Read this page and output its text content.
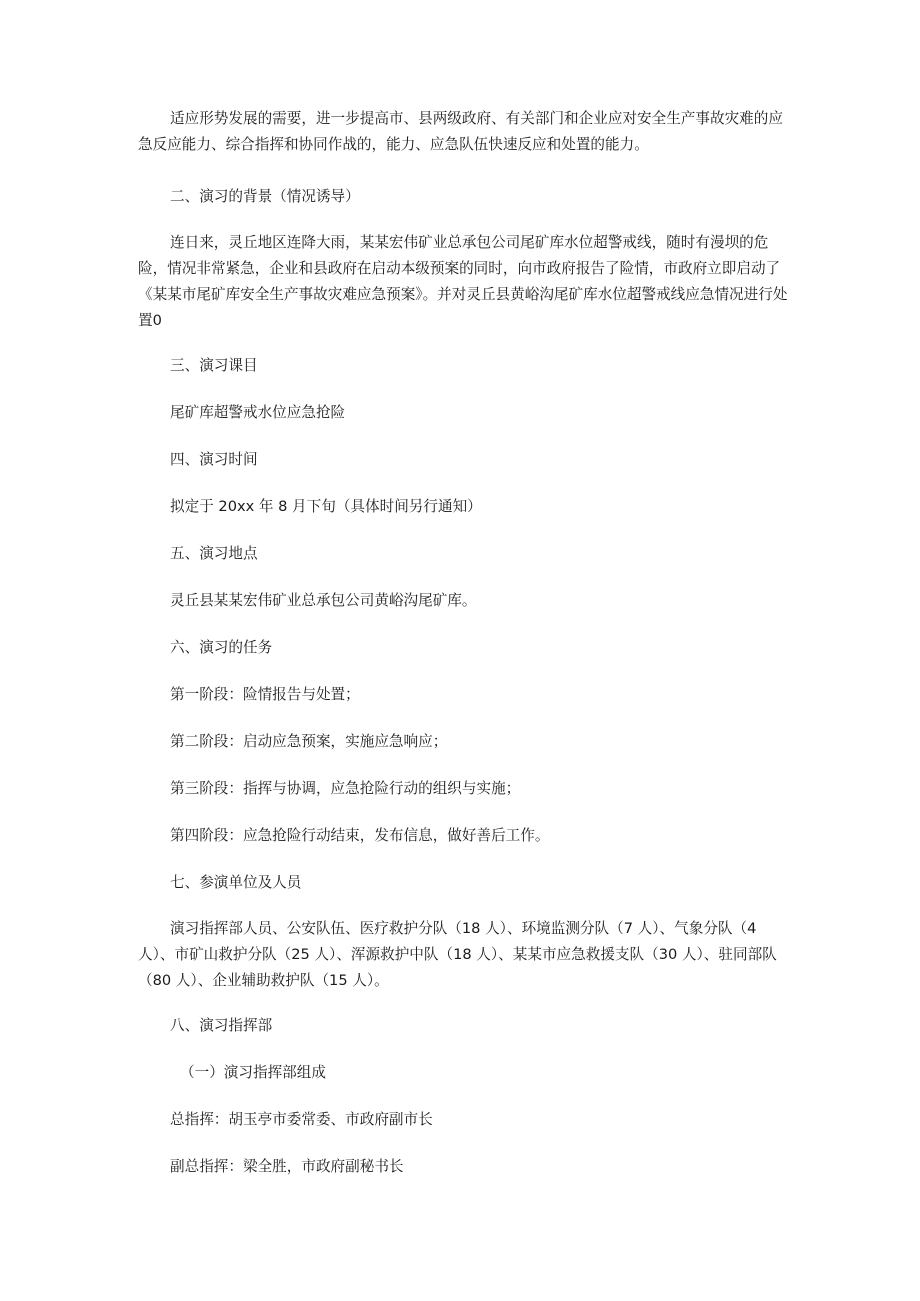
适应形势发展的需要，进一步提高市、县两级政府、有关部门和企业应对安全生产事故灾难的应急反应能力、综合指挥和协同作战的，能力、应急队伍快速反应和处置的能力。

二、演习的背景（情况诱导）

连日来，灵丘地区连降大雨，某某宏伟矿业总承包公司尾矿库水位超警戒线，随时有漫坝的危险，情况非常紧急，企业和县政府在启动本级预案的同时，向市政府报告了险情，市政府立即启动了《某某市尾矿库安全生产事故灾难应急预案》。并对灵丘县黄峪沟尾矿库水位超警戒线应急情况进行处置0

三、演习课目

尾矿库超警戒水位应急抢险

四、演习时间

拟定于 20xx 年 8 月下旬（具体时间另行通知）

五、演习地点

灵丘县某某宏伟矿业总承包公司黄峪沟尾矿库。

六、演习的任务

第一阶段：险情报告与处置；

第二阶段：启动应急预案，实施应急响应；

第三阶段：指挥与协调，应急抢险行动的组织与实施；

第四阶段：应急抢险行动结束，发布信息，做好善后工作。

七、参演单位及人员

演习指挥部人员、公安队伍、医疗救护分队（18 人）、环境监测分队（7 人）、气象分队（4 人）、市矿山救护分队（25 人）、浑源救护中队（18 人）、某某市应急救援支队（30 人）、驻同部队（80 人）、企业辅助救护队（15 人）。

八、演习指挥部

（一）演习指挥部组成

总指挥：胡玉亭市委常委、市政府副市长

副总指挥：梁全胜，市政府副秘书长
